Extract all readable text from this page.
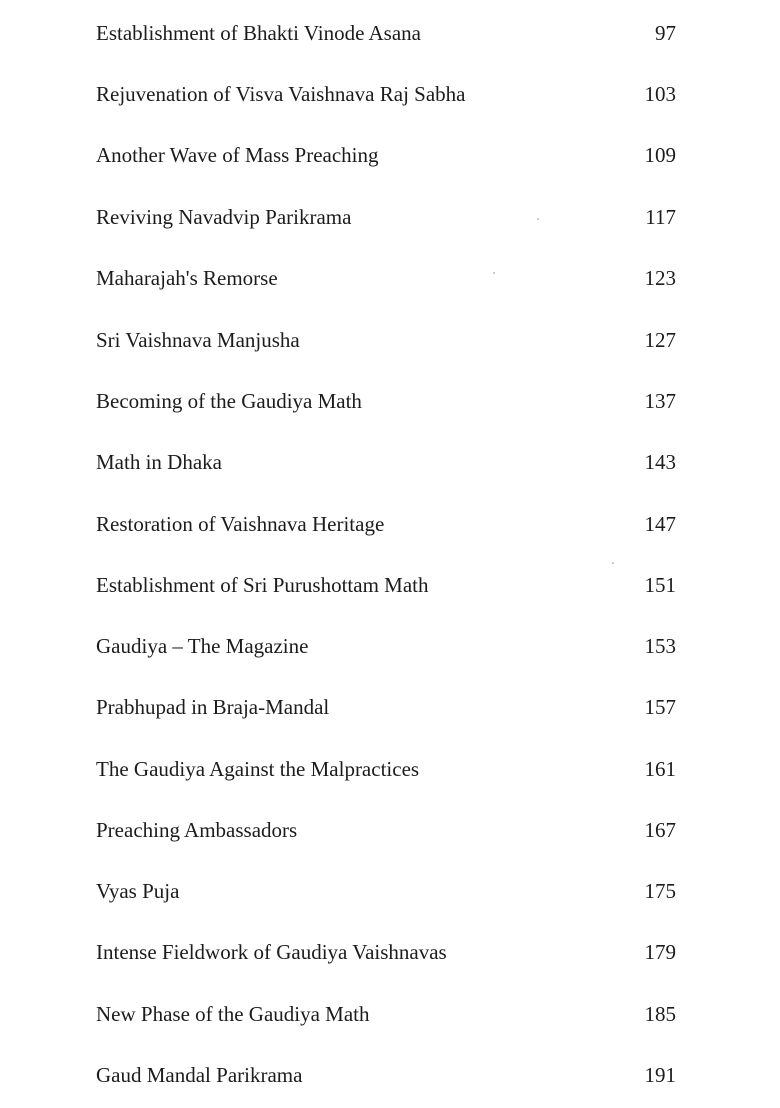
Establishment of Bhakti Vinode Asana	97
Rejuvenation of Visva Vaishnava Raj Sabha	103
Another Wave of Mass Preaching	109
Reviving Navadvip Parikrama	117
Maharajah's Remorse	123
Sri Vaishnava Manjusha	127
Becoming of the Gaudiya Math	137
Math in Dhaka	143
Restoration of Vaishnava Heritage	147
Establishment of Sri Purushottam Math	151
Gaudiya – The Magazine	153
Prabhupad in Braja-Mandal	157
The Gaudiya Against the Malpractices	161
Preaching Ambassadors	167
Vyas Puja	175
Intense Fieldwork of Gaudiya Vaishnavas	179
New Phase of the Gaudiya Math	185
Gaud Mandal Parikrama	191
